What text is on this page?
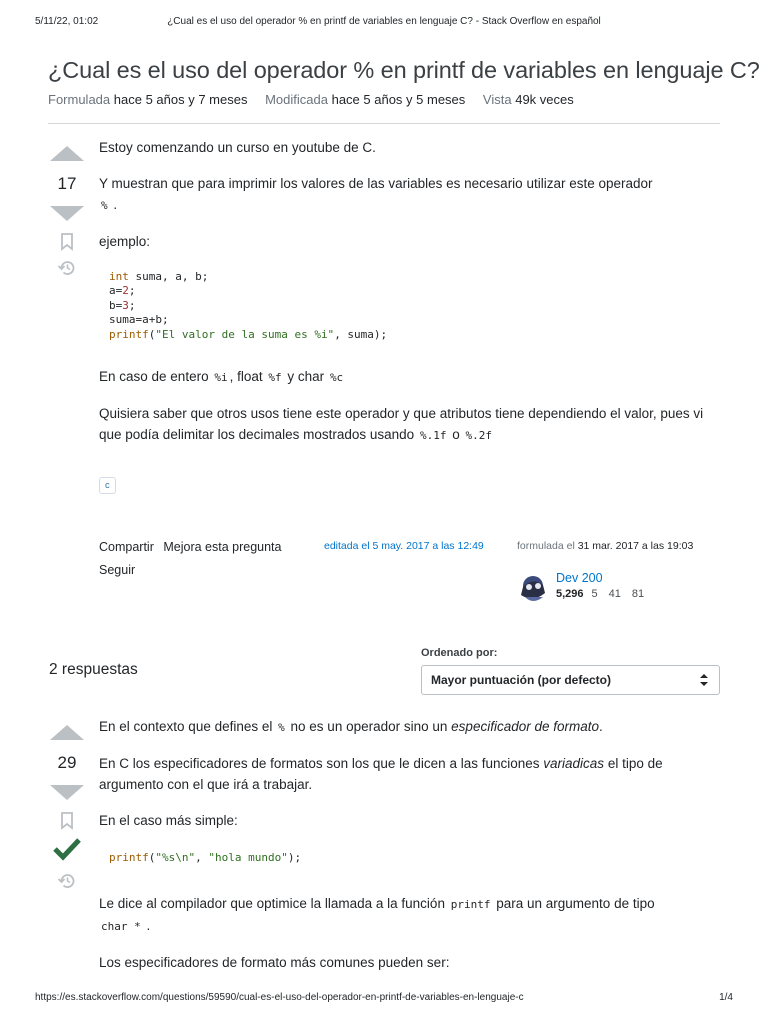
5/11/22, 01:02	¿Cual es el uso del operador % en printf de variables en lenguaje C? - Stack Overflow en español
¿Cual es el uso del operador % en printf de variables en lenguaje C?
Formulada hace 5 años y 7 meses Modificada hace 5 años y 5 meses Vista 49k veces
17

Estoy comenzando un curso en youtube de C.

Y muestran que para imprimir los valores de las variables es necesario utilizar este operador
% .

ejemplo:

int suma, a, b;
a=2;
b=3;
suma=a+b;
printf("El valor de la suma es %i", suma);

En caso de entero %i , float %f y char %c

Quisiera saber que otros usos tiene este operador y que atributos tiene dependiendo el valor, pues vi que podía delimitar los decimales mostrados usando %.1f o %.2f

c
Compartir Mejora esta pregunta
Seguir
editada el 5 may. 2017 a las 12:49	formulada el 31 mar. 2017 a las 19:03
Dev 200
5,296 5 41 81
2 respuestas
Ordenado por:
Mayor puntuación (por defecto)
29

En el contexto que defines el % no es un operador sino un especificador de formato.

En C los especificadores de formatos son los que le dicen a las funciones variadicas el tipo de argumento con el que irá a trabajar.

En el caso más simple:

printf("%s\n", "hola mundo");

Le dice al compilador que optimice la llamada a la función printf para un argumento de tipo
char * .

Los especificadores de formato más comunes pueden ser:

https://es.stackoverflow.com/questions/59590/cual-es-el-uso-del-operador-en-printf-de-variables-en-lenguaje-c	1/4
